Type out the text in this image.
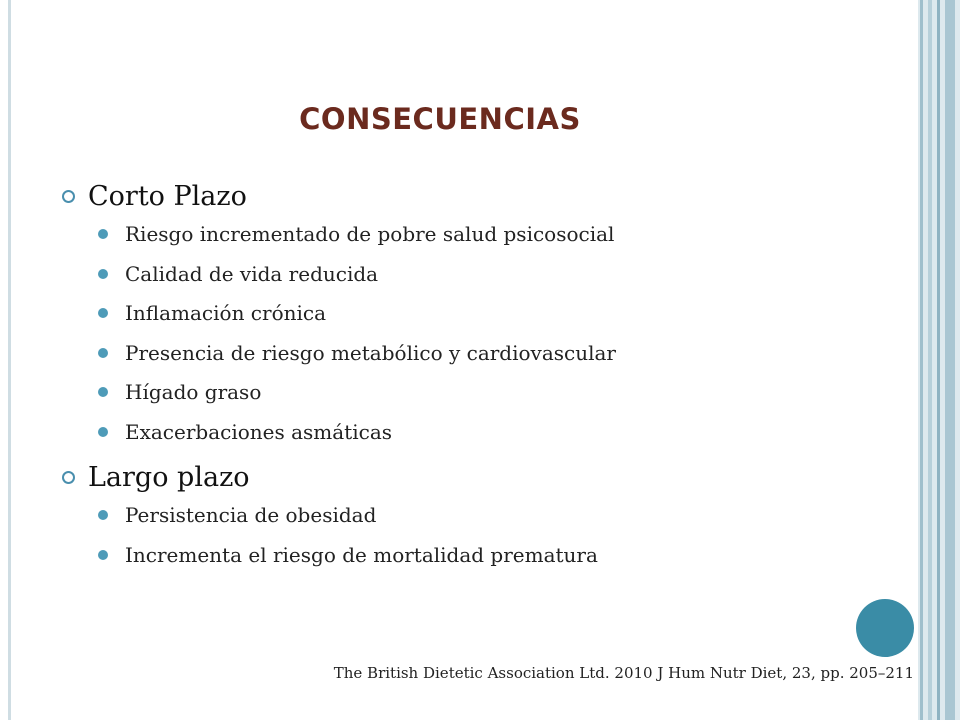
CONSECUENCIAS
Corto Plazo
Riesgo incrementado de pobre salud psicosocial
Calidad de vida reducida
Inflamación crónica
Presencia de riesgo metabólico y cardiovascular
Hígado graso
Exacerbaciones asmáticas
Largo plazo
Persistencia de obesidad
Incrementa el riesgo de mortalidad prematura
The British Dietetic Association Ltd. 2010 J Hum Nutr Diet, 23, pp. 205–211
